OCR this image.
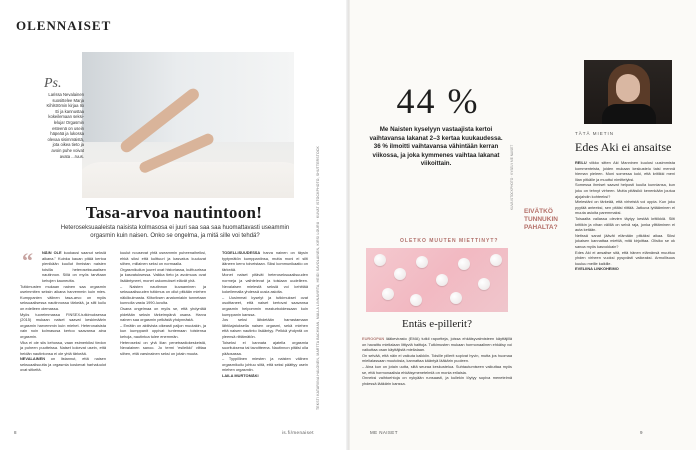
OLENNAISET
Ps.
Larissa Nevalainen suosittelee Marja Kihlströmin kirjaa Ilo Ei ja kannustaa kokeilemaan seksi-leluja! Orgasmin esteenä on usein häpeää ja lukossa olevaa sisimmäistä, jota oikea tieto ja avoin puhe voivat avata ...ruus.
Tasa-arvoa nautintoon!
Heteroseksuaaleista naisista kolmasosa ei juuri saa saa saa huomattavasti useammin orgasmin kuin naisen. Onko se ongelma, ja mitä sille voi tehdä?
“	NÄIN OLE kuukausi saanut seksiä aikana." Kuinka kauan pitää kertoa pienikään kuullut ihmistan naisien toisilla heteroseksuaalisen nautinnon. Sillä on myös tarvitaan kehojen kauneutta.

Tutkimusten mukaan nainen saa orgasmin useimmiten seksin aikana harvemmin kuin mies. Kumppanien välinen tasa-arvo on myös seksuaalisessa nautinnossa tärkeää, ja silti kuilu on edelleen olemassa.

Myös tuoreimmassa FINSEX-tutkimuksessa (2015) mukaan naiset saavat keskimäärin orgasmin harvemmin kuin miehet. Heteronaisista vain noin kolmasosa kertoo saavansa aina orgasmin.

Vika ei ole siis kehossa, vaan esimerkiksi tiedon ja puheen puutteissa. Naiset kokevat usein, että heidän nautintonsa ei ole yhtä tärkeää.

NEVALAINEN on listannut, että naisen seksuaalisuutta ja orgasmia koskevat harhaluulot ovat sitkeitä.

kuulut nousevat yhtä useammin puheenaiheiksi, ehkä siksi että kulttuuri ja kasvatus kuuluvat siihen, millainen seksi on normaalia.

Orgasmikuilun juuret ovat historiassa, kulttuurissa ja kasvatuksessa. Vaikka tieto ja avoimuus ovat lisääntyneet, monet uskomukset elävät yhä.

– Naisten nautinnon kuvaaminen ja seksuaalisuuden tutkimus on ollut pitkään miehen näkökulmasta. Klitoriksen anatomiakin tunnetaan kunnolla vasta 1990-luvulta.

Osana ongelmaa on myös se, että yhdyntää pidetään seksin tärkeimpänä osana. Harva nainen saa orgasmin pelkästä yhdynnästä.

– Emätin on aktiivista oikeasti paljon muutakin, ja kun kumppanit oppivat tuntemaan toistensa kehoja, nautintoa tulee enemmän.

Heteroseksi on yhä liian penetraatiokeskeistä, Nevalainen sanoo. Jo termi 'esileikki' viittaa siihen, että varsinainen seksi on jotain muuta.

TODELLISUUDESSA harva nainen on täysin tyytymätön kumppaniinsa, mutta moni ei silti ääneen kerro toiveistaan. Siksi kommunikaatio on tärkeää.

Monet naiset pitävät heteroseksuaalisuuden normeja ja vaihtelevat ja toisiaan uudelleen. Nevalaisen mielestä seksiä voi kehittää kokeilemalla yhdessä uusia asioita.

– Uusimmat kyselyt ja tutkimukset ovat osoittaneet, että naiset kertovat saavansa orgasmin helpommin masturboidessaan kuin kumppanin kanssa.

Jos seksi lähdetään harrastamaan lähtöajatuksella naisen orgasmi, sekä miehen että naisen nautinto lisääntyy. Pelkkä yhdyntä on yleensä riittämätön.

Toiseksi ei kannata ajatella orgasmia suorituksena tai tavoitteena. Nautinnon pitäisi olla pääosassa.

– Tyypillinen miesten ja naisten välinen orgasmikuilu johtuu siitä, että seksi päättyy usein miehen orgasmiin.

LAILA MURTOMÄKI	TEKSTI KATARIINA HALONEN, MARTTA BACHMAN, MALLA LINNAVIRTA, HEIDI SAVOLAINEN, KIRSI LOURU · KUVAT ISTOCKPHOTO, SHUTTERSTOCK
8	is.fi/menaiset
44 %
Me Naisten kyselyyn vastaajista kertoi vaihtavansa lakanat 2–3 kertaa kuukaudessa. 36 % ilmoitti vaihtavansa vähintään kerran viikossa, ja joka kymmenes vaihtaa lakanat viikoittain.	KUVA ISTOCKPHOTO · KYSELY ME NAISET
OLETKO MUUTEN MIETTINYT?
Entäs e-pillerit?

EUROOPAN lääkevirasto (EMA) tutkii raportteja, joissa ehkäisyvalmisteen käyttäjillä on havaittu mielialaan liittyviä haittoja. Tutkimusten mukaan hormonaalinen ehkäisy voi vaikuttaa osan käyttäjistä mielialaan.

On selvää, että näin ei vaikuta kaikkiin. Toisille pillerit sopivat hyvin, mutta jos huomaa mielialassaan muutoksia, kannattaa kääntyä lääkärin puoleen.

– Aina kun on jotain uutta, siitä seuraa keskustelua. Suhtautumiseen vaikuttaa myös se, että hormonaalisia ehkäisymenetelmiä on monia erilaisia.

Onneksi vaihtoehtoja on nykyään runsaasti, ja kullekin löytyy sopiva menetelmä yhdessä lääkärin kanssa.

TÄTÄ MIETIN
Edes Aki ei ansaitse
EIVÄTKÖ TUNNUKIN PAHALTA?

REILU viikko sitten Aki Manninen kuulosi uusimmista kommenteista, joiden mukaan keskustelu taisi mennä hieman pieleen. Moni somessa koki, että kritiikki meni liian pitkälle ja muuttui nimittelyksi.

Somessa ihmiset saavat helposti kuulla kunniansa, kun joku on tehnyt virheen. Mutta pitäisikö kenenkään joutua ajojahdin kohteeksi?

Mielestäni on tärkeää, että virheistä voi oppia. Kun joku pyytää anteeksi, sen pitäisi riittää. Jatkuva lyttääminen ei muuta asioita paremmaksi.

Toisaalta vallassa olevien täytyy kestää kritiikkiä. Silti kritiikin ja vihan välillä on selvä raja, jonka ylittäminen ei auta ketään.

Netissä sanat jäävät elämään pitkäksi aikaa. Siksi jokaisen kannattaa miettiä, mitä kirjoittaa. Olisiko se ok sanoa myös kasvokkain?

Edes Aki ei ansaitse sitä, että hänen elämänsä muuttuu yhden virheen vuoksi pysyvästi vaikeaksi. Armollisuus kuuluu meille kaikille.

EVELIINA LINKOHEIMO

ME NAISET	9
